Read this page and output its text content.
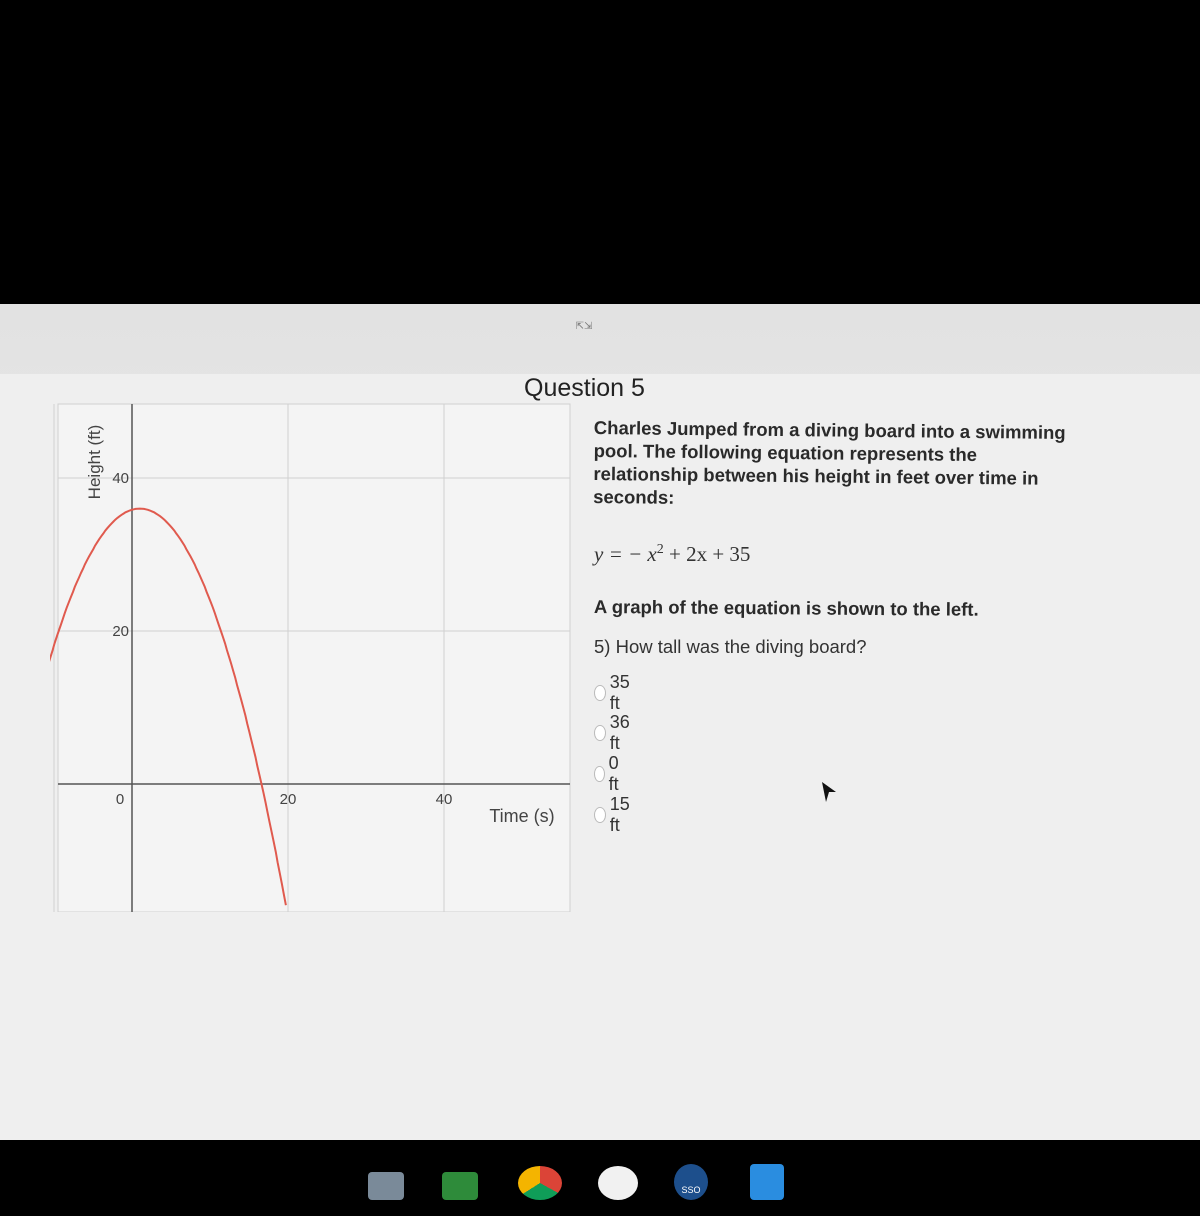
⇱⇲
Question 5
0	20	40
20
40
Time (s)
Height (ft)	Charles Jumped from a diving board into a swimming pool. The following equation represents the relationship between his height in feet over time in seconds:
y = − $x^2 + 2x + 35$
A graph of the equation is shown to the left.
5) How tall was the diving board?
35 ft
36 ft
0 ft
15 ft
SSO
